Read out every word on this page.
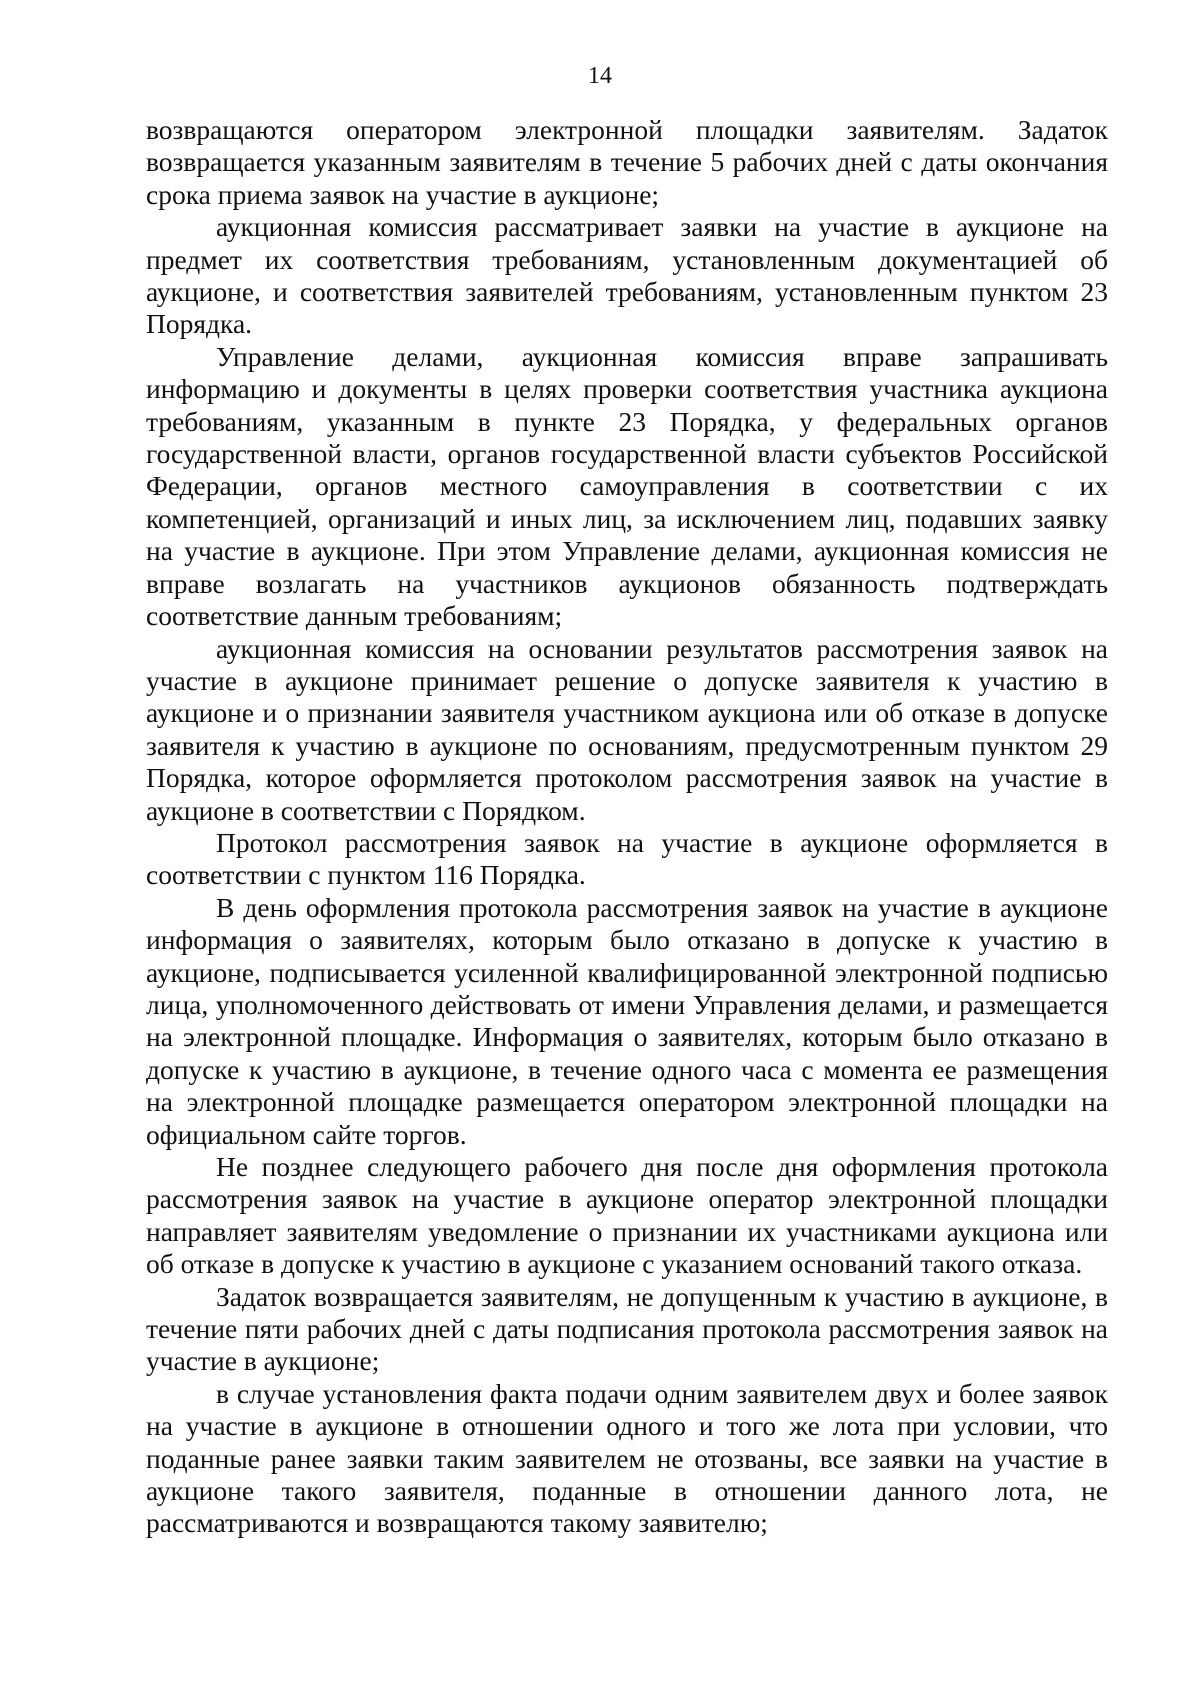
14

возвращаются оператором электронной площадки заявителям. Задаток возвращается указанным заявителям в течение 5 рабочих дней с даты окончания срока приема заявок на участие в аукционе;

аукционная комиссия рассматривает заявки на участие в аукционе на предмет их соответствия требованиям, установленным документацией об аукционе, и соответствия заявителей требованиям, установленным пунктом 23 Порядка.

Управление делами, аукционная комиссия вправе запрашивать информацию и документы в целях проверки соответствия участника аукциона требованиям, указанным в пункте 23 Порядка, у федеральных органов государственной власти, органов государственной власти субъектов Российской Федерации, органов местного самоуправления в соответствии с их компетенцией, организаций и иных лиц, за исключением лиц, подавших заявку на участие в аукционе. При этом Управление делами, аукционная комиссия не вправе возлагать на участников аукционов обязанность подтверждать соответствие данным требованиям;

аукционная комиссия на основании результатов рассмотрения заявок на участие в аукционе принимает решение о допуске заявителя к участию в аукционе и о признании заявителя участником аукциона или об отказе в допуске заявителя к участию в аукционе по основаниям, предусмотренным пунктом 29 Порядка, которое оформляется протоколом рассмотрения заявок на участие в аукционе в соответствии с Порядком.

Протокол рассмотрения заявок на участие в аукционе оформляется в соответствии с пунктом 116 Порядка.

В день оформления протокола рассмотрения заявок на участие в аукционе информация о заявителях, которым было отказано в допуске к участию в аукционе, подписывается усиленной квалифицированной электронной подписью лица, уполномоченного действовать от имени Управления делами, и размещается на электронной площадке. Информация о заявителях, которым было отказано в допуске к участию в аукционе, в течение одного часа с момента ее размещения на электронной площадке размещается оператором электронной площадки на официальном сайте торгов.

Не позднее следующего рабочего дня после дня оформления протокола рассмотрения заявок на участие в аукционе оператор электронной площадки направляет заявителям уведомление о признании их участниками аукциона или об отказе в допуске к участию в аукционе с указанием оснований такого отказа.

Задаток возвращается заявителям, не допущенным к участию в аукционе, в течение пяти рабочих дней с даты подписания протокола рассмотрения заявок на участие в аукционе;

в случае установления факта подачи одним заявителем двух и более заявок на участие в аукционе в отношении одного и того же лота при условии, что поданные ранее заявки таким заявителем не отозваны, все заявки на участие в аукционе такого заявителя, поданные в отношении данного лота, не рассматриваются и возвращаются такому заявителю;
